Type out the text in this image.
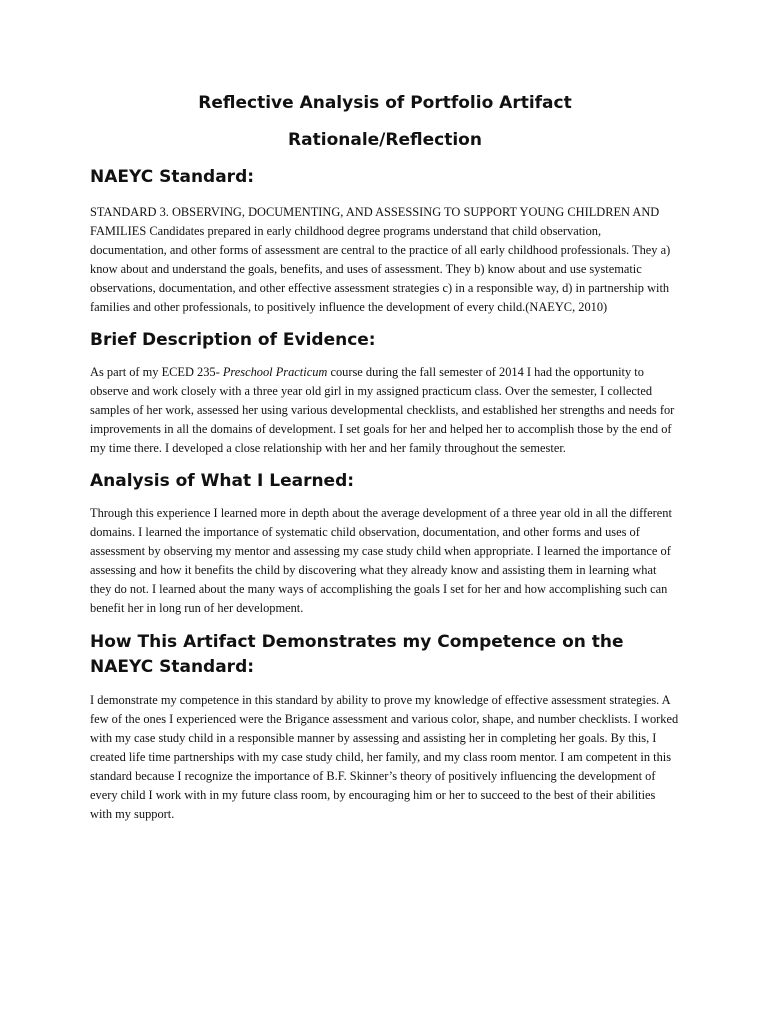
Reflective Analysis of Portfolio Artifact

Rationale/Reflection

NAEYC Standard:

STANDARD 3. OBSERVING, DOCUMENTING, AND ASSESSING TO SUPPORT YOUNG CHILDREN AND FAMILIES Candidates prepared in early childhood degree programs understand that child observation, documentation, and other forms of assessment are central to the practice of all early childhood professionals. They a) know about and understand the goals, benefits, and uses of assessment. They b) know about and use systematic observations, documentation, and other effective assessment strategies c) in a responsible way, d) in partnership with families and other professionals, to positively influence the development of every child.(NAEYC, 2010)

Brief Description of Evidence:

As part of my ECED 235- Preschool Practicum course during the fall semester of 2014 I had the opportunity to observe and work closely with a three year old girl in my assigned practicum class. Over the semester, I collected samples of her work, assessed her using various developmental checklists, and established her strengths and needs for improvements in all the domains of development. I set goals for her and helped her to accomplish those by the end of my time there. I developed a close relationship with her and her family throughout the semester.

Analysis of What I Learned:

Through this experience I learned more in depth about the average development of a three year old in all the different domains. I learned the importance of systematic child observation, documentation, and other forms and uses of assessment by observing my mentor and assessing my case study child when appropriate. I learned the importance of assessing and how it benefits the child by discovering what they already know and assisting them in learning what they do not. I learned about the many ways of accomplishing the goals I set for her and how accomplishing such can benefit her in long run of her development.

How This Artifact Demonstrates my Competence on the NAEYC Standard:

I demonstrate my competence in this standard by ability to prove my knowledge of effective assessment strategies. A few of the ones I experienced were the Brigance assessment and various color, shape, and number checklists. I worked with my case study child in a responsible manner by assessing and assisting her in completing her goals. By this, I created life time partnerships with my case study child, her family, and my class room mentor. I am competent in this standard because I recognize the importance of B.F. Skinner’s theory of positively influencing the development of every child I work with in my future class room, by encouraging him or her to succeed to the best of their abilities with my support.
